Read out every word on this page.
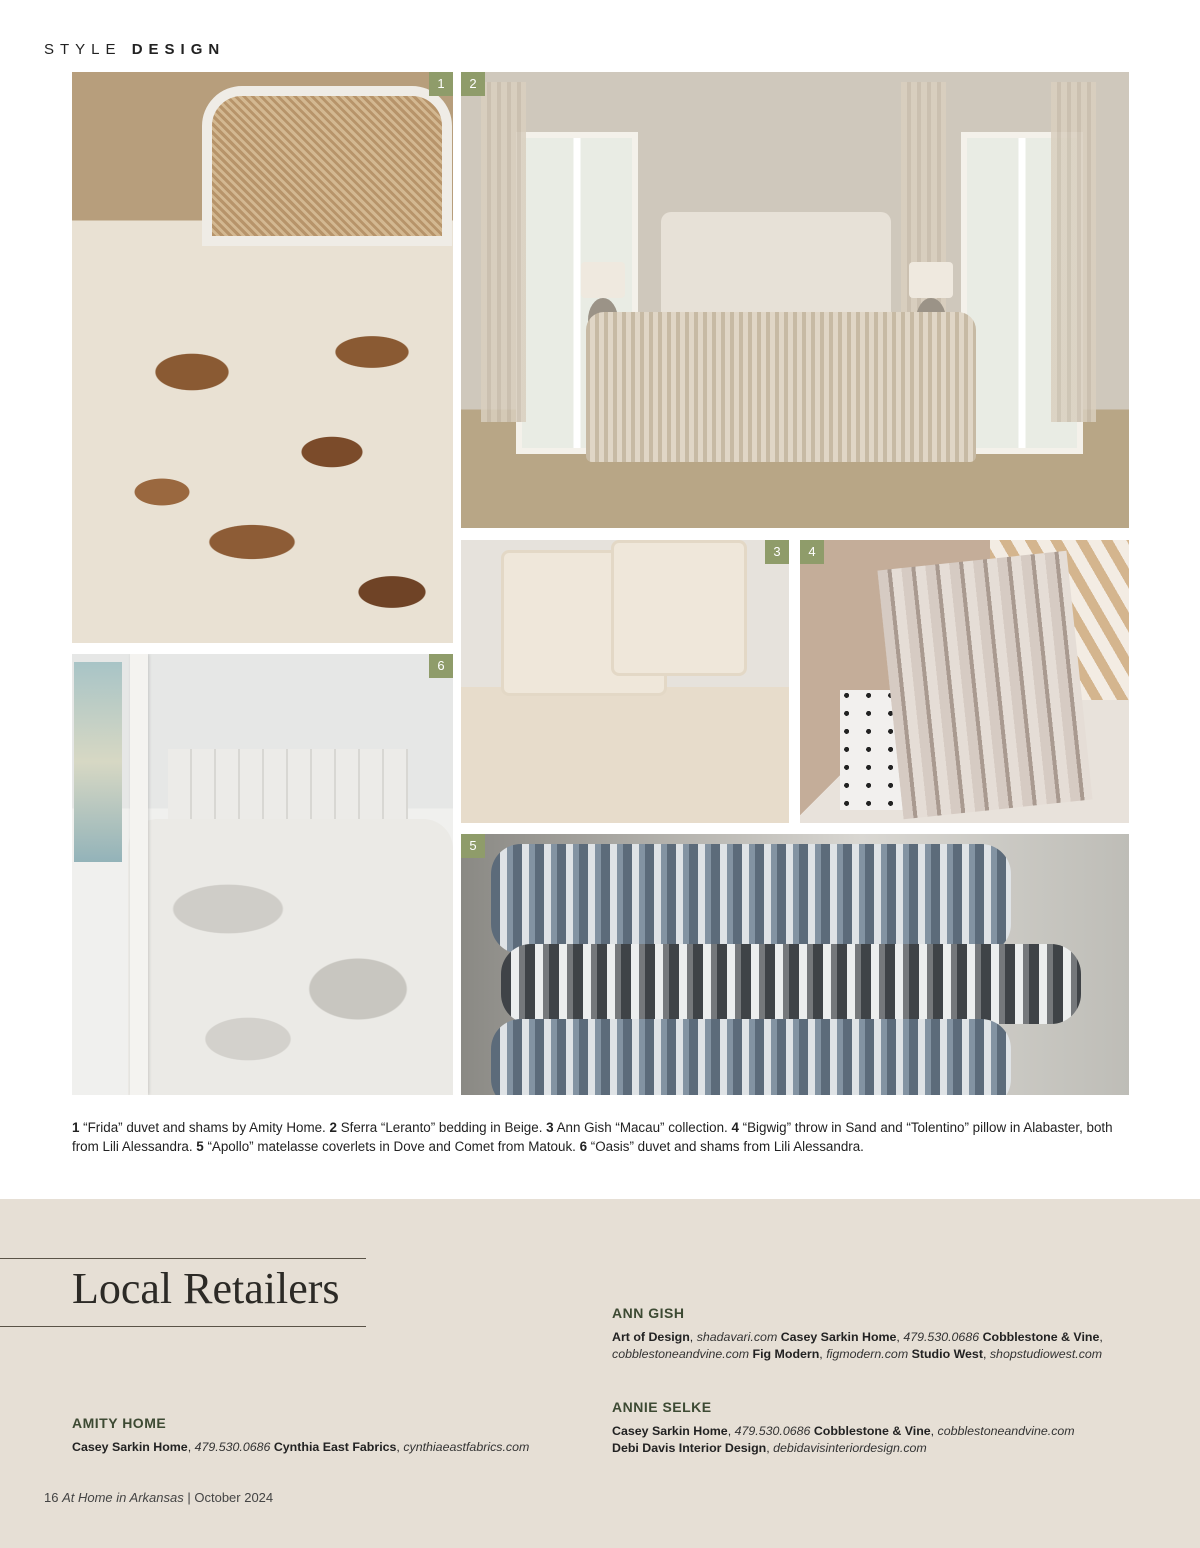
STYLE DESIGN
1	2
3	4
6
5
1 “Frida” duvet and shams by Amity Home. 2 Sferra “Leranto” bedding in Beige. 3 Ann Gish “Macau” collection. 4 “Bigwig” throw in Sand and “Tolentino” pillow in Alabaster, both from Lili Alessandra. 5 “Apollo” matelasse coverlets in Dove and Comet from Matouk. 6 “Oasis” duvet and shams from Lili Alessandra.
Local Retailers	ANN GISH
Art of Design, shadavari.com Casey Sarkin Home, 479.530.0686 Cobblestone & Vine,
cobblestoneandvine.com Fig Modern, figmodern.com Studio West, shopstudiowest.com
ANNIE SELKE
Casey Sarkin Home, 479.530.0686 Cobblestone & Vine, cobblestoneandvine.com
Debi Davis Interior Design, debidavisinteriordesign.com
AMITY HOME
Casey Sarkin Home, 479.530.0686 Cynthia East Fabrics, cynthiaeastfabrics.com
16 At Home in Arkansas | October 2024
